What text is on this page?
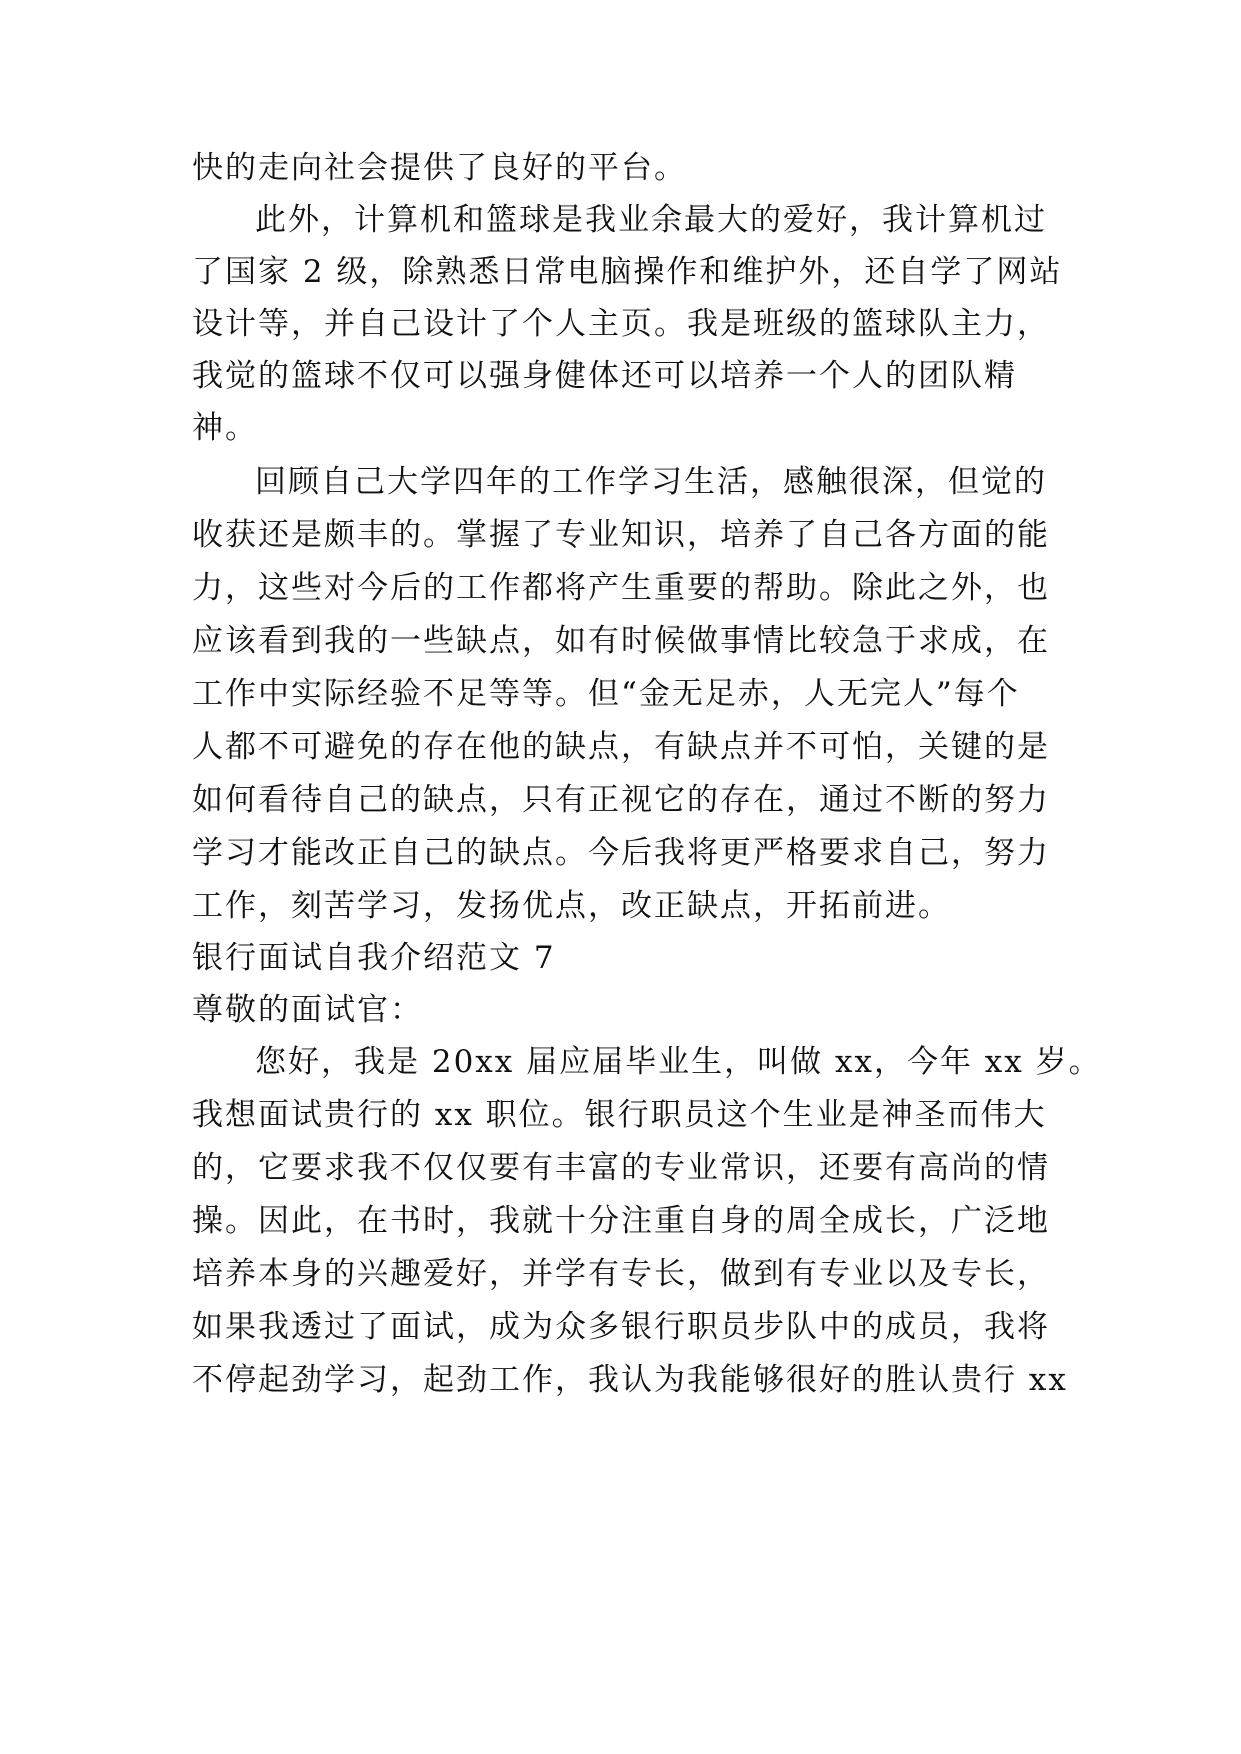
快的走向社会提供了良好的平台。
此外，计算机和篮球是我业余最大的爱好，我计算机过
了国家 2 级，除熟悉日常电脑操作和维护外，还自学了网站
设计等，并自己设计了个人主页。我是班级的篮球队主力，
我觉的篮球不仅可以强身健体还可以培养一个人的团队精
神。
回顾自己大学四年的工作学习生活，感触很深，但觉的
收获还是颇丰的。掌握了专业知识，培养了自己各方面的能
力，这些对今后的工作都将产生重要的帮助。除此之外，也
应该看到我的一些缺点，如有时候做事情比较急于求成，在
工作中实际经验不足等等。但“金无足赤，人无完人”每个
人都不可避免的存在他的缺点，有缺点并不可怕，关键的是
如何看待自己的缺点，只有正视它的存在，通过不断的努力
学习才能改正自己的缺点。今后我将更严格要求自己，努力
工作，刻苦学习，发扬优点，改正缺点，开拓前进。
银行面试自我介绍范文 7
尊敬的面试官：
您好，我是 20xx 届应届毕业生，叫做 xx，今年 xx 岁。
我想面试贵行的 xx 职位。银行职员这个生业是神圣而伟大
的，它要求我不仅仅要有丰富的专业常识，还要有高尚的情
操。因此，在书时，我就十分注重自身的周全成长，广泛地
培养本身的兴趣爱好，并学有专长，做到有专业以及专长，
如果我透过了面试，成为众多银行职员步队中的成员，我将
不停起劲学习，起劲工作，我认为我能够很好的胜认贵行 xx
